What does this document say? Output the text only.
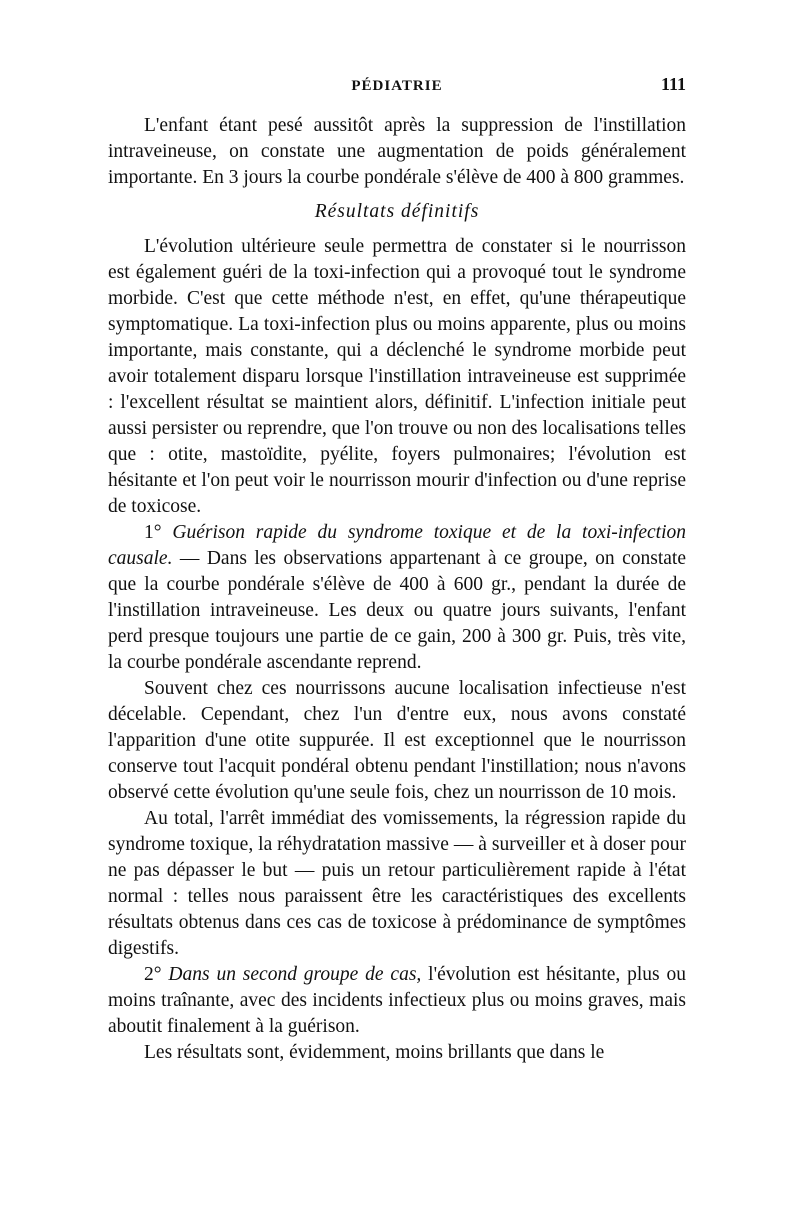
PÉDIATRIE	111

L'enfant étant pesé aussitôt après la suppression de l'instillation intraveineuse, on constate une augmentation de poids généralement importante. En 3 jours la courbe pondérale s'élève de 400 à 800 grammes.

Résultats définitifs

L'évolution ultérieure seule permettra de constater si le nourrisson est également guéri de la toxi-infection qui a provoqué tout le syndrome morbide. C'est que cette méthode n'est, en effet, qu'une thérapeutique symptomatique. La toxi-infection plus ou moins apparente, plus ou moins importante, mais constante, qui a déclenché le syndrome morbide peut avoir totalement disparu lorsque l'instillation intraveineuse est supprimée : l'excellent résultat se maintient alors, définitif. L'infection initiale peut aussi persister ou reprendre, que l'on trouve ou non des localisations telles que : otite, mastoïdite, pyélite, foyers pulmonaires; l'évolution est hésitante et l'on peut voir le nourrisson mourir d'infection ou d'une reprise de toxicose.

1° Guérison rapide du syndrome toxique et de la toxi-infection causale. — Dans les observations appartenant à ce groupe, on constate que la courbe pondérale s'élève de 400 à 600 gr., pendant la durée de l'instillation intraveineuse. Les deux ou quatre jours suivants, l'enfant perd presque toujours une partie de ce gain, 200 à 300 gr. Puis, très vite, la courbe pondérale ascendante reprend.

Souvent chez ces nourrissons aucune localisation infectieuse n'est décelable. Cependant, chez l'un d'entre eux, nous avons constaté l'apparition d'une otite suppurée. Il est exceptionnel que le nourrisson conserve tout l'acquit pondéral obtenu pendant l'instillation; nous n'avons observé cette évolution qu'une seule fois, chez un nourrisson de 10 mois.

Au total, l'arrêt immédiat des vomissements, la régression rapide du syndrome toxique, la réhydratation massive — à surveiller et à doser pour ne pas dépasser le but — puis un retour particulièrement rapide à l'état normal : telles nous paraissent être les caractéristiques des excellents résultats obtenus dans ces cas de toxicose à prédominance de symptômes digestifs.

2° Dans un second groupe de cas, l'évolution est hésitante, plus ou moins traînante, avec des incidents infectieux plus ou moins graves, mais aboutit finalement à la guérison.

Les résultats sont, évidemment, moins brillants que dans le
